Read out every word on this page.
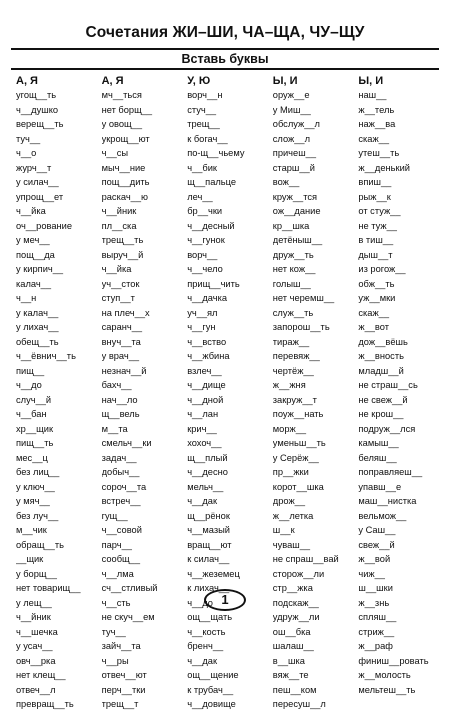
Сочетания ЖИ–ШИ, ЧА–ЩА, ЧУ–ЩУ
Вставь буквы
А, Я
угощ__ть
ч__душко
верещ__ть
туч__
ч__о
журч__т
у силач__
упрощ__ет
ч__йка
оч__рование
у меч__
пощ__да
у кирпич__
калач__
ч__н
у калач__
у лихач__
обещ__ть
ч__ёвнич__ть
пищ__
ч__до
случ__й
ч__бан
хр__щик
пищ__ть
мес__ц
без лиц__
у ключ__
у мяч__
без луч__
м__чик
обращ__ть
__щик
у борщ__
нет товарищ__
у лещ__
ч__йник
ч__шечка
у усач__
овч__рка
нет клещ__
отвеч__л
превращ__ть
А, Я
мч__ться
нет борщ__
у овощ__
укрощ__ют
ч__сы
мыч__ние
пощ__дить
раскач__ю
ч__йник
пл__ска
трещ__ть
выруч__й
ч__йка
уч__сток
ступ__т
на плеч__х
саранч__
внуч__та
у врач__
незнач__й
бахч__
нач__ло
щ__вель
м__та
смельч__ки
задач__
добыч__
сороч__та
встреч__
гущ__
ч__совой
парч__
сообщ__
ч__лма
сч__стливый
ч__сть
не скуч__ем
туч__
зайч__та
ч__ры
отвеч__ют
перч__тки
трещ__т
У, Ю
ворч__н
стуч__
трещ__
к богач__
по-щ__чьему
ч__бик
щ__пальце
леч__
бр__чки
ч__десный
ч__гунок
ворч__
ч__чело
прищ__чить
ч__дачка
уч__ял
ч__гун
ч__вство
ч__жбина
взлеч__
ч__дище
ч__дной
ч__лан
крич__
хохоч__
щ__плый
ч__десно
мельч__
ч__дак
щ__рёнок
ч__мазый
вращ__ют
к силач__
ч__жеземец
к лихач__
ч__до
ощ__щать
ч__кость
бренч__
ч__дак
ощ__щение
к трубач__
ч__довище
Ы, И
оруж__е
у Миш__
обслуж__л
слож__л
причеш__
старш__й
вож__
круж__тся
ож__дание
кр__шка
детёныш__
друж__ть
нет кож__
голыш__
нет черемш__
служ__ть
запорош__ть
тираж__
перевяж__
чертёж__
ж__жня
закруж__т
поуж__нать
морж__
уменьш__ть
у Серёж__
пр__жки
корот__шка
дрож__
ж__летка
ш__к
чуваш__
не спраш__вай
сторож__ли
стр__жка
подскаж__
удруж__ли
ош__бка
шалаш__
в__шка
вяж__те
пеш__ком
пересуш__л
Ы, И
наш__
ж__тель
наж__ва
скаж__
утеш__ть
ж__денький
впиш__
рыж__к
от стуж__
не туж__
в тиш__
дыш__т
из рогож__
обж__ть
уж__мки
скаж__
ж__вот
дож__вёшь
ж__вность
младш__й
не страш__сь
не свеж__й
не крош__
подруж__лся
камыш__
беляш__
поправляеш__
упавш__е
маш__нистка
вельмож__
у Саш__
свеж__й
ж__вой
чиж__
ш__шки
ж__знь
спляш__
стриж__
ж__раф
финиш__ровать
ж__молость
мельтеш__ть
1
